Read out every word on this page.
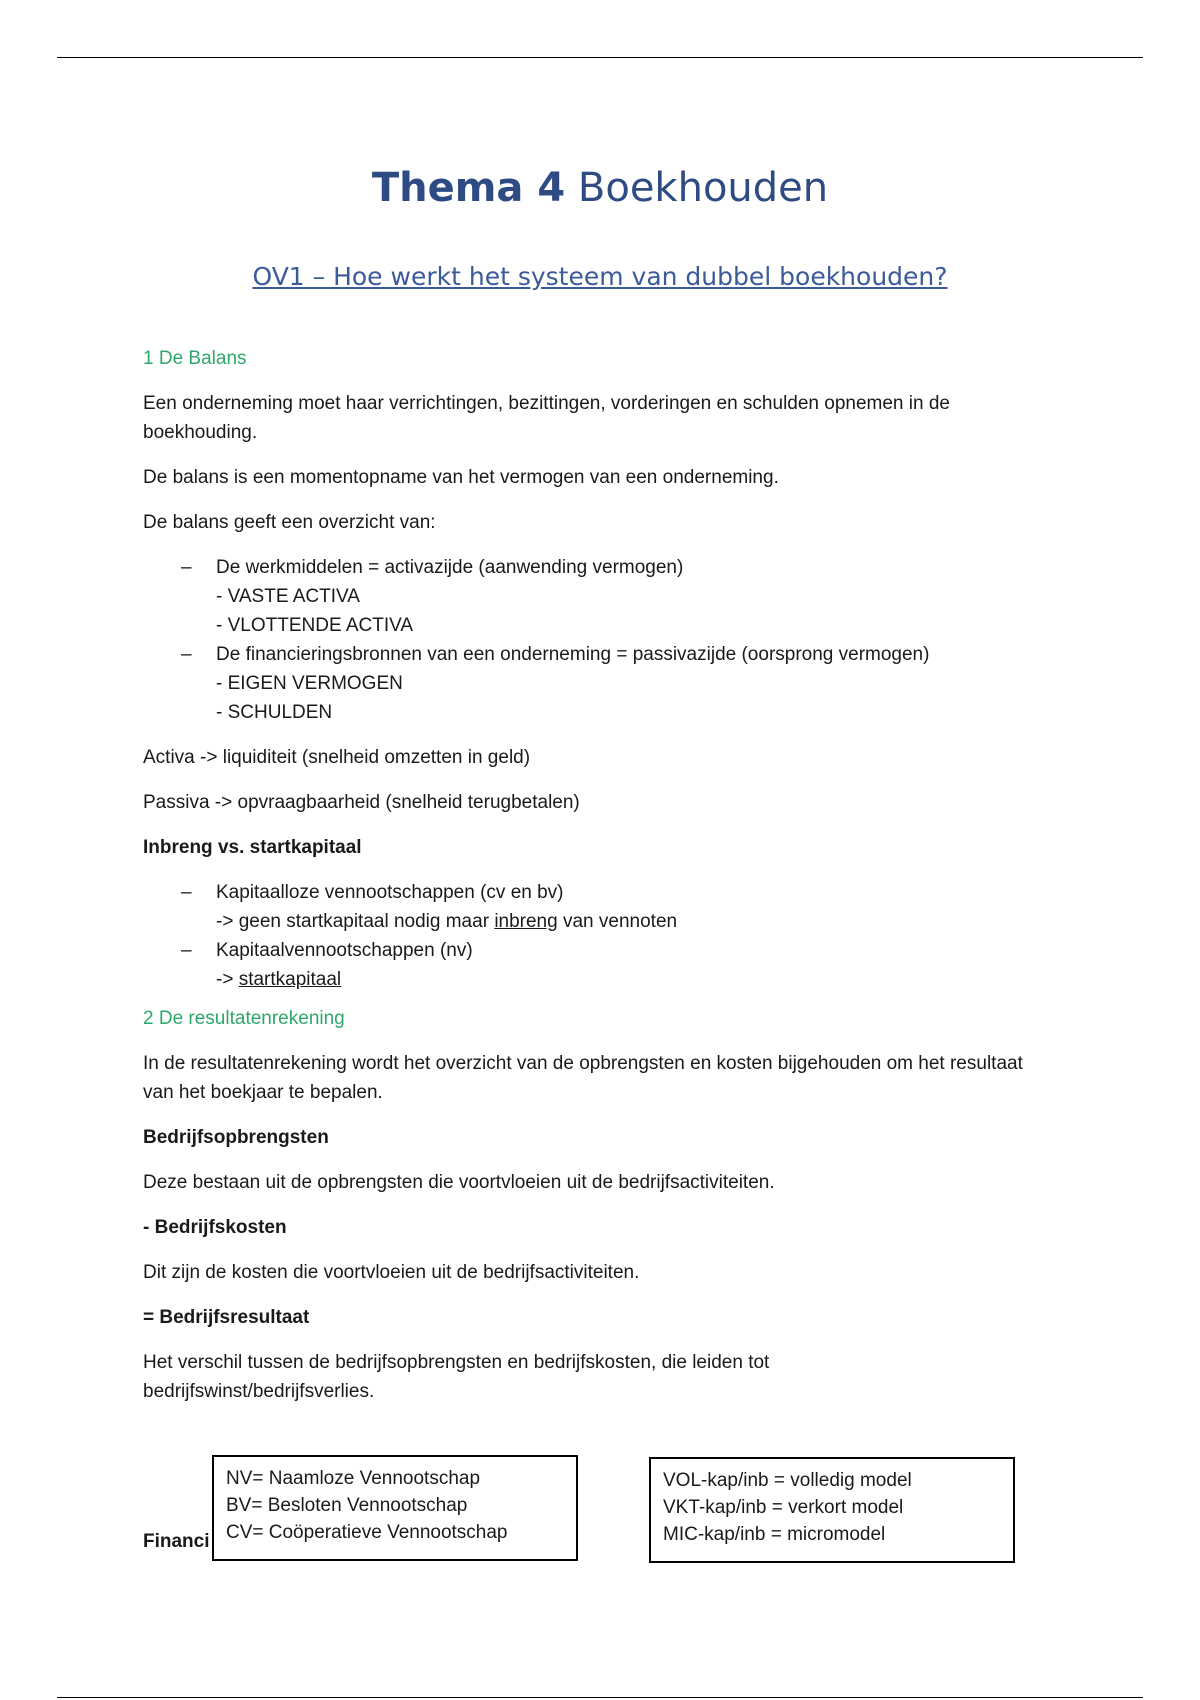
Thema 4 Boekhouden
OV1 – Hoe werkt het systeem van dubbel boekhouden?

1 De Balans

Een onderneming moet haar verrichtingen, bezittingen, vorderingen en schulden opnemen in de boekhouding.

De balans is een momentopname van het vermogen van een onderneming.

De balans geeft een overzicht van:

– De werkmiddelen = activazijde (aanwending vermogen)
- VASTE ACTIVA
- VLOTTENDE ACTIVA
– De financieringsbronnen van een onderneming = passivazijde (oorsprong vermogen)
- EIGEN VERMOGEN
- SCHULDEN

Activa -> liquiditeit (snelheid omzetten in geld)

Passiva -> opvraagbaarheid (snelheid terugbetalen)

Inbreng vs. startkapitaal

– Kapitaalloze vennootschappen (cv en bv)
-> geen startkapitaal nodig maar inbreng van vennoten
– Kapitaalvennootschappen (nv)
-> startkapitaal

2 De resultatenrekening

In de resultatenrekening wordt het overzicht van de opbrengsten en kosten bijgehouden om het resultaat van het boekjaar te bepalen.

Bedrijfsopbrengsten

Deze bestaan uit de opbrengsten die voortvloeien uit de bedrijfsactiviteiten.

- Bedrijfskosten

Dit zijn de kosten die voortvloeien uit de bedrijfsactiviteiten.

= Bedrijfsresultaat

Het verschil tussen de bedrijfsopbrengsten en bedrijfskosten, die leiden tot bedrijfswinst/bedrijfsverlies.

Financi
NV= Naamloze Vennootschap
BV= Besloten Vennootschap
CV= Coöperatieve Vennootschap
VOL-kap/inb = volledig model
VKT-kap/inb = verkort model
MIC-kap/inb = micromodel
